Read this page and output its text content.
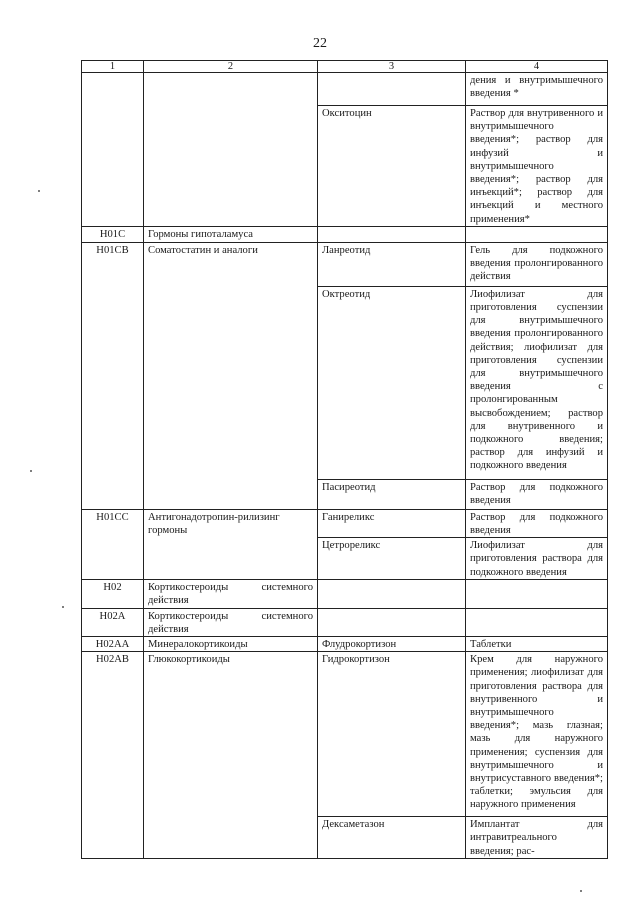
22
1	2	3	4
			дения и внутримышечного введения *
		Окситоцин	Раствор для внутривенного и внутримышечного введения*; раствор для инфузий и внутримышечного введения*; раствор для инъекций*; раствор для инъекций и местного применения*
H01C	Гормоны гипоталамуса		
H01CB	Соматостатин и аналоги	Ланреотид	Гель для подкожного введения пролонгированного действия
		Октреотид	Лиофилизат для приготовления суспензии для внутримышечного введения пролонгированного действия; лиофилизат для приготовления суспензии для внутримышечного введения с пролонгированным высвобождением; раствор для внутривенного и подкожного введения; раствор для инфузий и подкожного введения
		Пасиреотид	Раствор для подкожного введения
H01CC	Антигонадотропин-рилизинг гормоны	Ганиреликс	Раствор для подкожного введения
		Цетрореликс	Лиофилизат для приготовления раствора для подкожного введения
H02	Кортикостероиды системного действия		
H02A	Кортикостероиды системного действия		
H02AA	Минералокортикоиды	Флудрокортизон	Таблетки
H02AB	Глюкокортикоиды	Гидрокортизон	Крем для наружного применения; лиофилизат для приготовления раствора для внутривенного и внутримышечного введения*; мазь глазная; мазь для наружного применения; суспензия для внутримышечного и внутрисуставного введения*; таблетки; эмульсия для наружного применения
		Дексаметазон	Имплантат для интравитреального введения; рас-
